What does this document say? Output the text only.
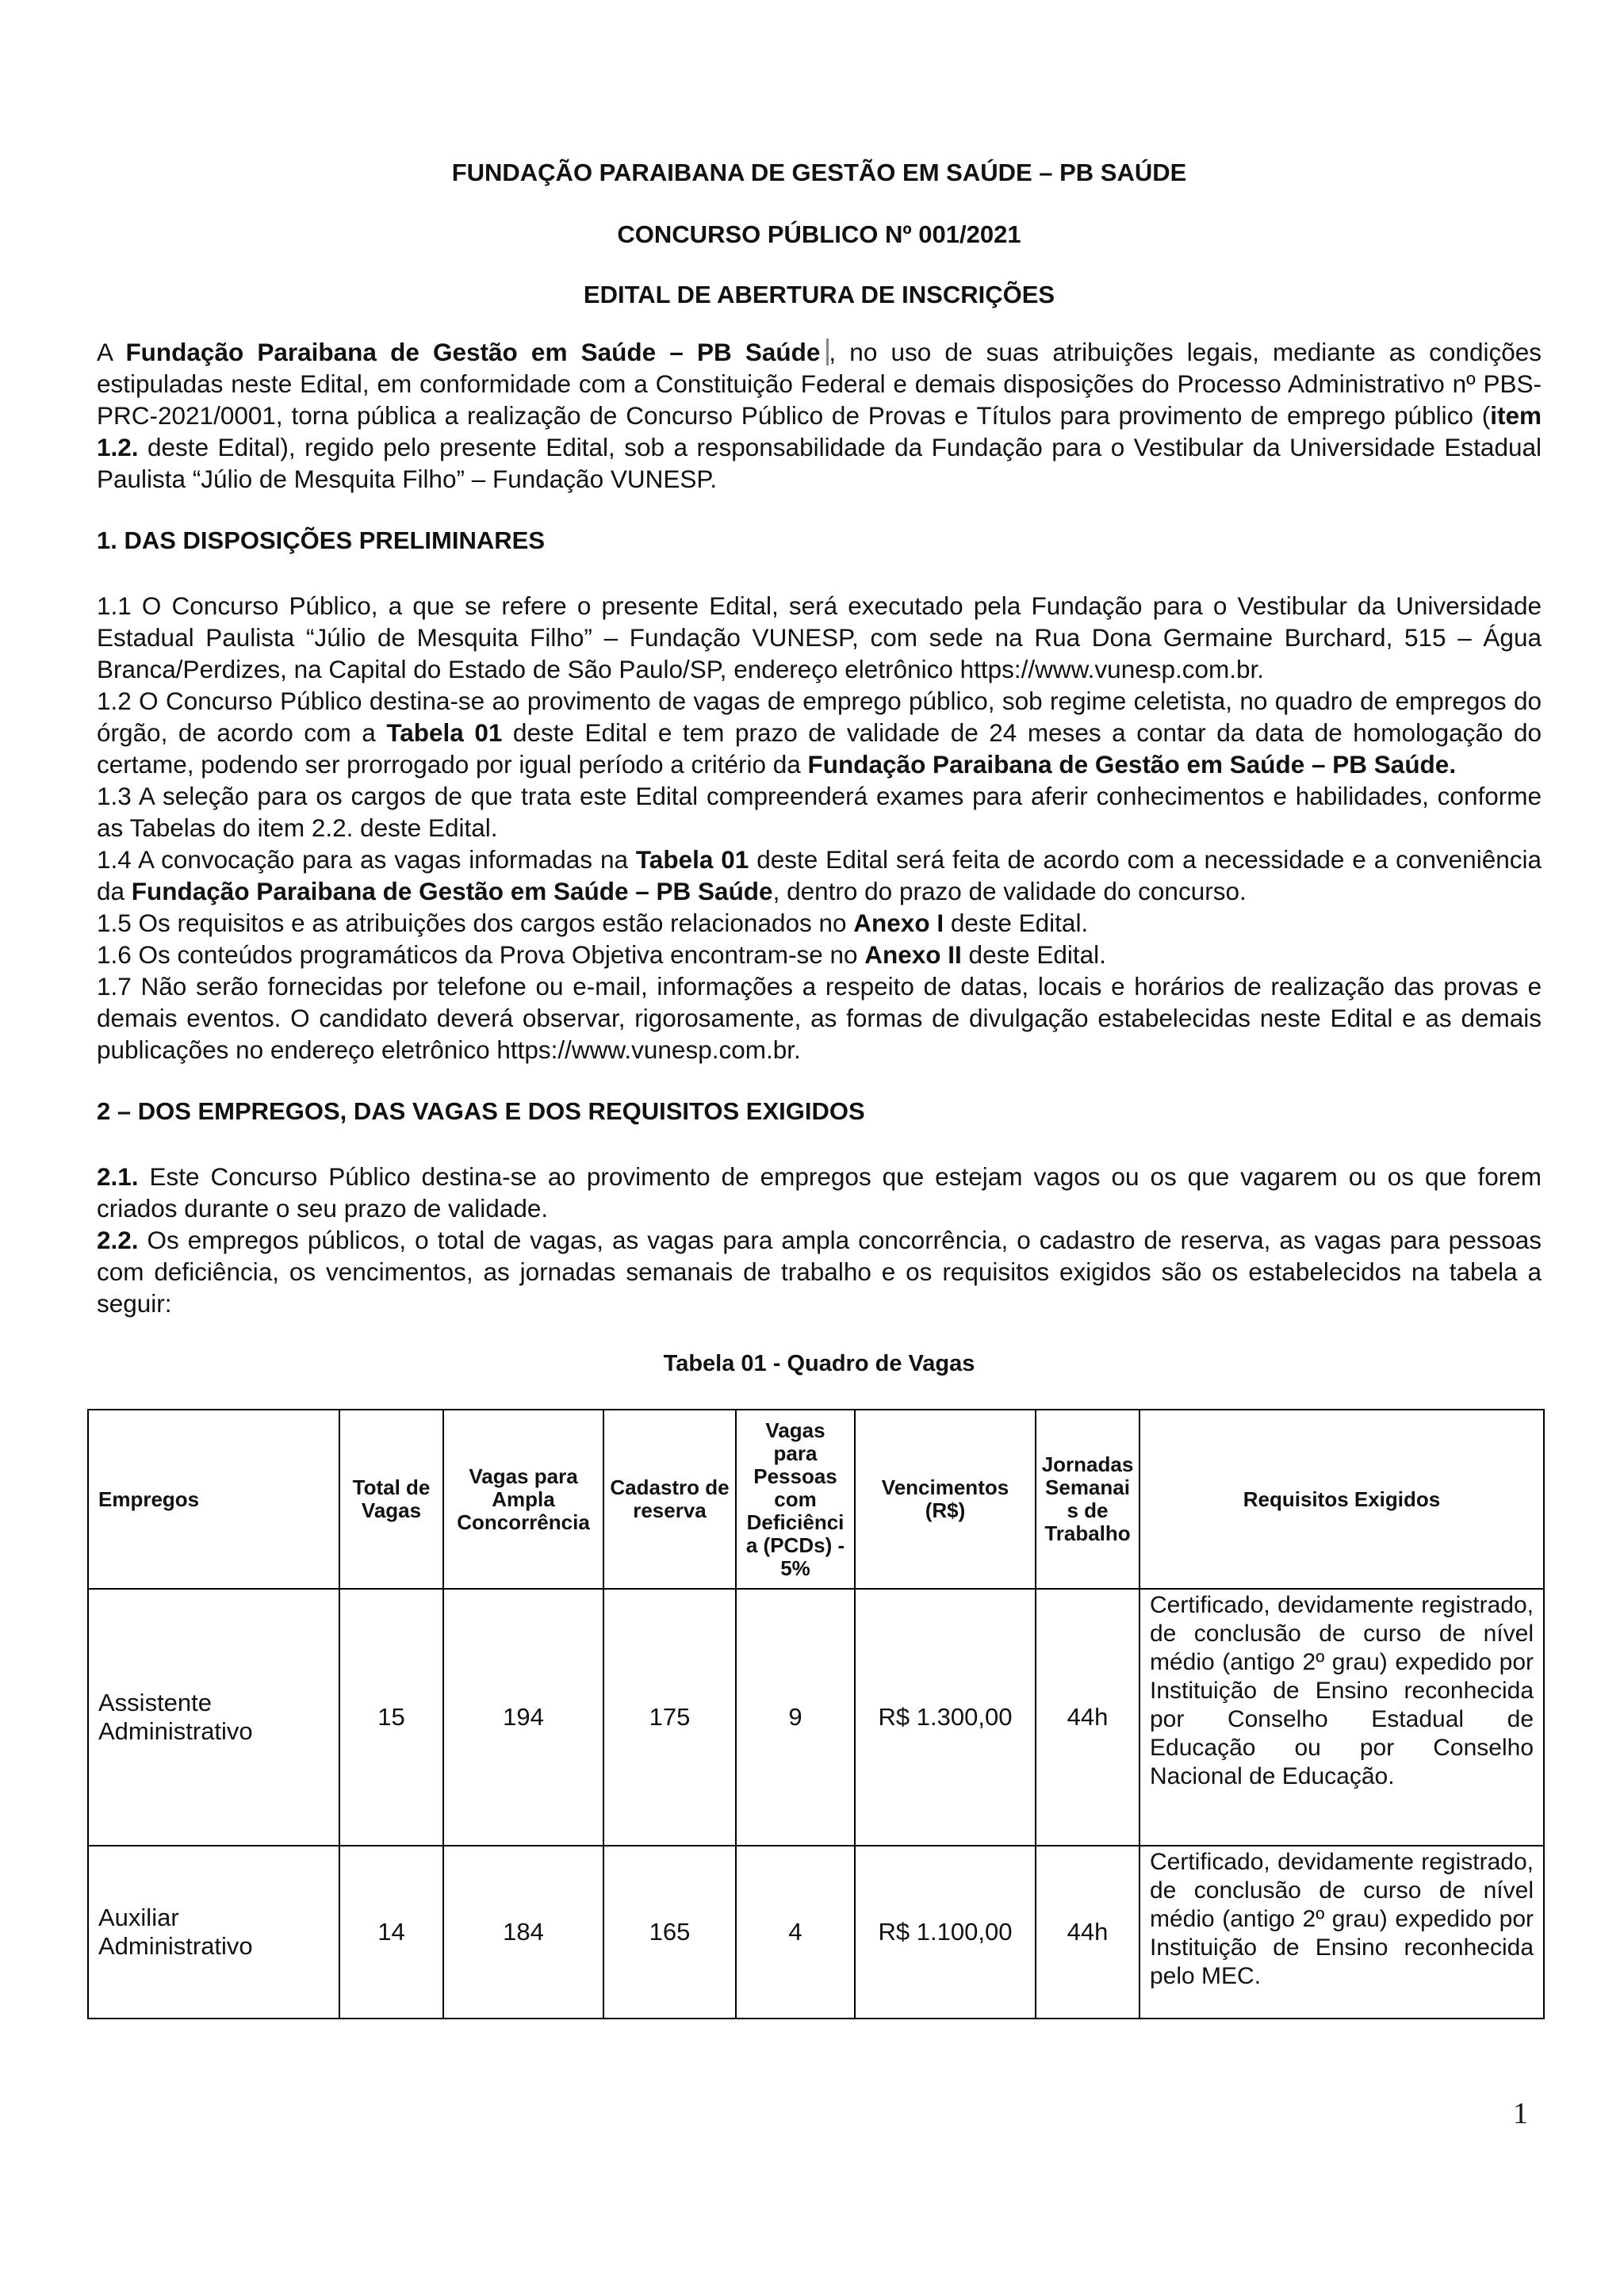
FUNDAÇÃO PARAIBANA DE GESTÃO EM SAÚDE – PB SAÚDE
CONCURSO PÚBLICO Nº 001/2021
EDITAL DE ABERTURA DE INSCRIÇÕES

A Fundação Paraibana de Gestão em Saúde – PB Saúde , no uso de suas atribuições legais, mediante as condições estipuladas neste Edital, em conformidade com a Constituição Federal e demais disposições do Processo Administrativo nº PBS-PRC-2021/0001, torna pública a realização de Concurso Público de Provas e Títulos para provimento de emprego público (item 1.2. deste Edital), regido pelo presente Edital, sob a responsabilidade da Fundação para o Vestibular da Universidade Estadual Paulista “Júlio de Mesquita Filho” – Fundação VUNESP.

1. DAS DISPOSIÇÕES PRELIMINARES

1.1 O Concurso Público, a que se refere o presente Edital, será executado pela Fundação para o Vestibular da Universidade Estadual Paulista “Júlio de Mesquita Filho” – Fundação VUNESP, com sede na Rua Dona Germaine Burchard, 515 – Água Branca/Perdizes, na Capital do Estado de São Paulo/SP, endereço eletrônico https://www.vunesp.com.br.

1.2 O Concurso Público destina-se ao provimento de vagas de emprego público, sob regime celetista, no quadro de empregos do órgão, de acordo com a Tabela 01 deste Edital e tem prazo de validade de 24 meses a contar da data de homologação do certame, podendo ser prorrogado por igual período a critério da Fundação Paraibana de Gestão em Saúde – PB Saúde.

1.3 A seleção para os cargos de que trata este Edital compreenderá exames para aferir conhecimentos e habilidades, conforme as Tabelas do item 2.2. deste Edital.

1.4 A convocação para as vagas informadas na Tabela 01 deste Edital será feita de acordo com a necessidade e a conveniência da Fundação Paraibana de Gestão em Saúde – PB Saúde, dentro do prazo de validade do concurso.

1.5 Os requisitos e as atribuições dos cargos estão relacionados no Anexo I deste Edital.

1.6 Os conteúdos programáticos da Prova Objetiva encontram-se no Anexo II deste Edital.

1.7 Não serão fornecidas por telefone ou e-mail, informações a respeito de datas, locais e horários de realização das provas e demais eventos. O candidato deverá observar, rigorosamente, as formas de divulgação estabelecidas neste Edital e as demais publicações no endereço eletrônico https://www.vunesp.com.br.

2 – DOS EMPREGOS, DAS VAGAS E DOS REQUISITOS EXIGIDOS

2.1. Este Concurso Público destina-se ao provimento de empregos que estejam vagos ou os que vagarem ou os que forem criados durante o seu prazo de validade.

2.2. Os empregos públicos, o total de vagas, as vagas para ampla concorrência, o cadastro de reserva, as vagas para pessoas com deficiência, os vencimentos, as jornadas semanais de trabalho e os requisitos exigidos são os estabelecidos na tabela a seguir:

Tabela 01 - Quadro de Vagas
Empregos	Total de Vagas	Vagas para Ampla Concorrência	Cadastro de reserva	Vagas para Pessoas com Deficiênci a (PCDs) - 5%	Vencimentos (R$)	Jornadas Semanai s de Trabalho	Requisitos Exigidos
Assistente Administrativo	15	194	175	9	R$ 1.300,00	44h	Certificado, devidamente registrado, de conclusão de curso de nível médio (antigo 2º grau) expedido por Instituição de Ensino reconhecida por Conselho Estadual de Educação ou por Conselho Nacional de Educação.
Auxiliar Administrativo	14	184	165	4	R$ 1.100,00	44h	Certificado, devidamente registrado, de conclusão de curso de nível médio (antigo 2º grau) expedido por Instituição de Ensino reconhecida pelo MEC.
1
